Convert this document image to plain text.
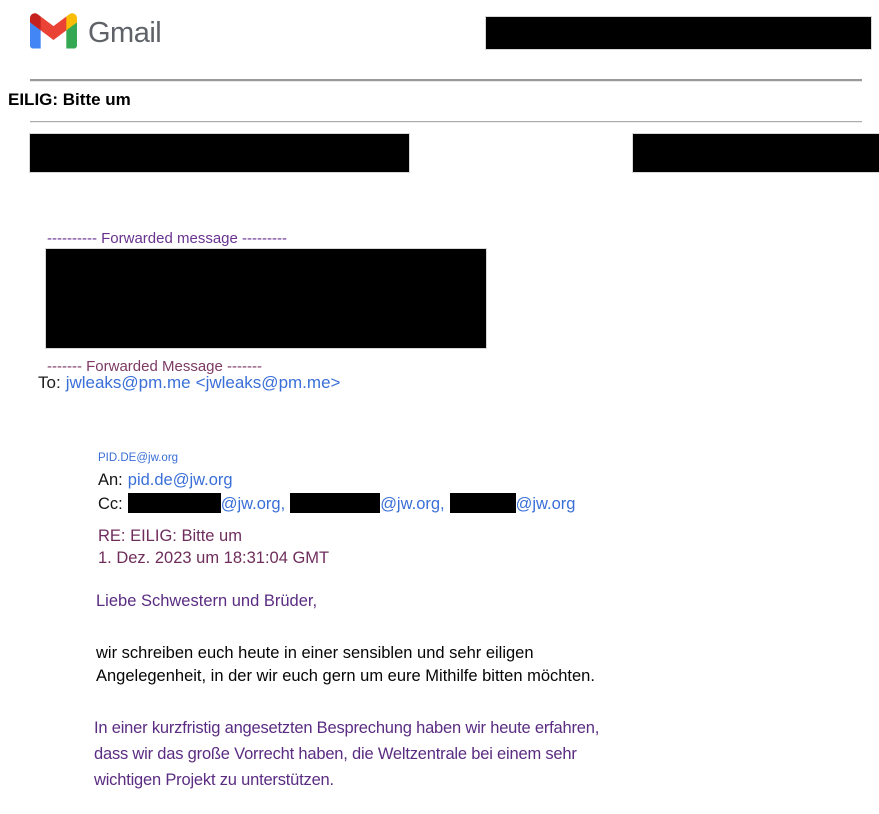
Gmail
EILIG: Bitte um
---------- Forwarded message ---------
------- Forwarded Message -------
To: jwleaks@pm.me <jwleaks@pm.me>
PID.DE@jw.org
An: pid.de@jw.org
Cc:	@jw.org,	@jw.org,	@jw.org
RE: EILIG: Bitte um
1. Dez. 2023 um 18:31:04 GMT
Liebe Schwestern und Brüder,
wir schreiben euch heute in einer sensiblen und sehr eiligen
Angelegenheit, in der wir euch gern um eure Mithilfe bitten möchten.
In einer kurzfristig angesetzten Besprechung haben wir heute erfahren,
dass wir das große Vorrecht haben, die Weltzentrale bei einem sehr
wichtigen Projekt zu unterstützen.
